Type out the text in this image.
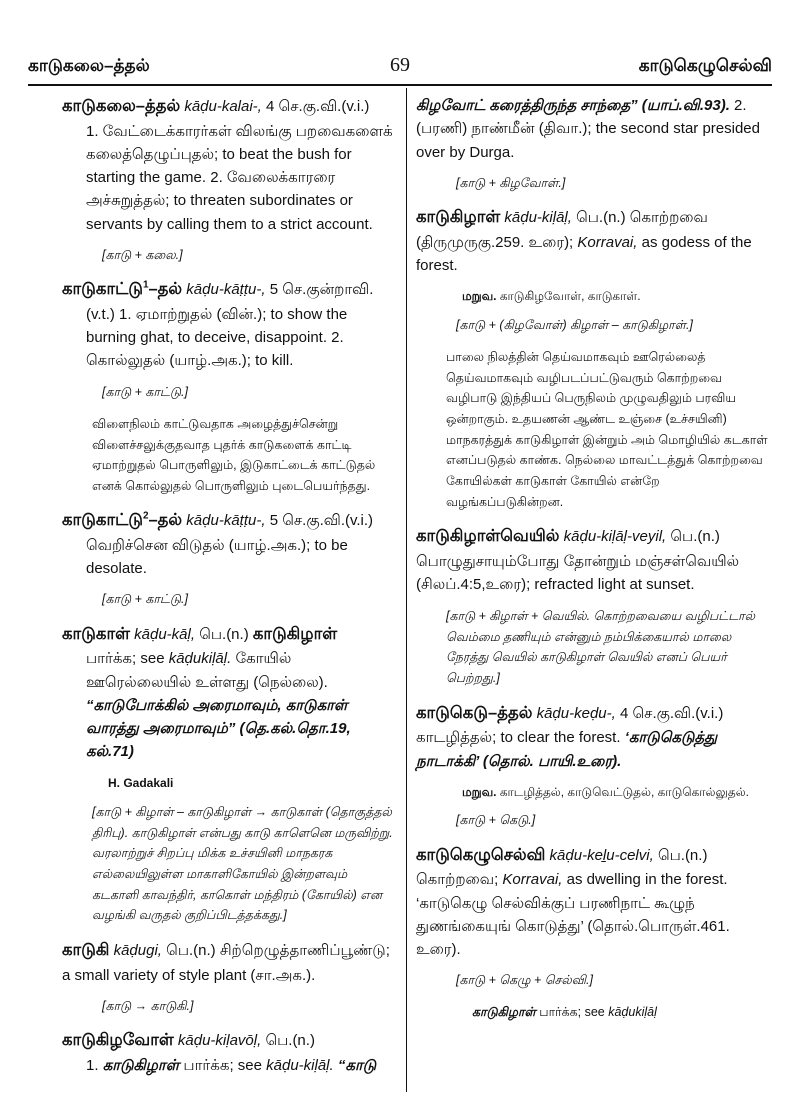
காடுகலை–த்தல்	69	காடுகெழுசெல்வி
காடுகலை–த்தல் kāḍu-kalai-, 4 செ.கு.வி.(v.i.)
1. வேட்டைக்காரர்கள் விலங்கு பறவைகளைக் கலைத்தெழுப்புதல்; to beat the bush for starting the game. 2. வேலைக்காரரை அச்சுறுத்தல்; to threaten subordinates or servants by calling them to a strict account.
[காடு + கலை.]
காடுகாட்டு$^1$–தல் kāḍu-kāṭṭu-, 5 செ.குன்றாவி.
(v.t.) 1. ஏமாற்றுதல் (வின்.); to show the burning ghat, to deceive, disappoint. 2. கொல்லுதல் (யாழ்.அக.); to kill.
[காடு + காட்டு.]
விளைநிலம் காட்டுவதாக அழைத்துச்சென்று விளைச்சலுக்குதவாத புதர்க் காடுகளைக் காட்டி ஏமாற்றுதல் பொருளிலும், இடுகாட்டைக் காட்டுதல் எனக் கொல்லுதல் பொருளிலும் புடைபெயர்ந்தது.
காடுகாட்டு$^2$–தல் kāḍu-kāṭṭu-, 5 செ.கு.வி.(v.i.)
வெறிச்சென விடுதல் (யாழ்.அக.); to be desolate.
[காடு + காட்டு.]
காடுகாள் kāḍu-kāḷ, பெ.(n.) காடுகிழாள்
பார்க்க; see kāḍukiḷāḷ. கோயில் ஊரெல்லையில் உள்ளது (நெல்லை). “காடுபோக்கில் அரைமாவும், காடுகாள் வாரத்து அரைமாவும்” (தெ.கல்.தொ.19, கல்.71)
H. Gadakali
[காடு + கிழாள் – காடுகிழாள் → காடுகாள் (தொகுத்தல் திரிபு). காடுகிழாள் என்பது காடு காளெனெ மருவிற்று. வரலாற்றுச் சிறப்பு மிக்க உச்சயினி மாநகரக எல்லையிலுள்ள மாகாளிகோயில் இன்றளவும் கடகாளி காவந்திர், காகொள் மந்திரம் (கோயில்) என வழங்கி வருதல் குறிப்பிடத்தக்கது.]
காடுகி kāḍugi, பெ.(n.) சிற்றெழுத்தாணிப்பூண்டு; a small variety of style plant (சா.அக.).
[காடு → காடுகி.]
காடுகிழவோள் kāḍu-kiḷavōḷ, பெ.(n.)
1. காடுகிழாள் பார்க்க; see kāḍu-kiḷāḷ. “காடு
கிழவோட் கரைத்திருந்த சாந்தை” (யாப்.வி.93). 2. (பரணி) நாண்மீன் (திவா.); the second star presided over by Durga.
[காடு + கிழவோள்.]
காடுகிழாள் kāḍu-kiḷāḷ, பெ.(n.) கொற்றவை (திருமுருகு.259. உரை); Korravai, as godess of the forest.
மறுவ. காடுகிழவோள், காடுகாள்.
[காடு + (கிழவோள்) கிழாள் – காடுகிழாள்.]
பாலை நிலத்தின் தெய்வமாகவும் ஊரெல்லைத் தெய்வமாகவும் வழிபடப்பட்டுவரும் கொற்றவை வழிபாடு இந்தியப் பெருநிலம் முழுவதிலும் பரவிய ஒன்றாகும். உதயணன் ஆண்ட உஞ்சை (உச்சயினி) மாநகரத்துக் காடுகிழாள் இன்றும் அம் மொழியில் கடகாள் எனப்படுதல் காண்க. நெல்லை மாவட்டத்துக் கொற்றவை கோயில்கள் காடுகாள் கோயில் என்றே வழங்கப்படுகின்றன.
காடுகிழாள்வெயில் kāḍu-kiḷāḷ-veyil, பெ.(n.) பொழுதுசாயும்போது தோன்றும் மஞ்சள்வெயில் (சிலப்.4:5,உரை); refracted light at sunset.
[காடு + கிழாள் + வெயில். கொற்றவையை வழிபட்டால் வெம்மை தணியும் என்னும் நம்பிக்கையால் மாலை நேரத்து வெயில் காடுகிழாள் வெயில் எனப் பெயர் பெற்றது.]
காடுகெடு–த்தல் kāḍu-keḍu-, 4 செ.கு.வி.(v.i.) காடழித்தல்; to clear the forest. ‘காடுகெடுத்து நாடாக்கி’ (தொல். பாயி.உரை).
மறுவ. காடழித்தல், காடுவெட்டுதல், காடுகொல்லுதல்.
[காடு + கெடு.]
காடுகெழுசெல்வி kāḍu-keḻu-celvi, பெ.(n.) கொற்றவை; Korravai, as dwelling in the forest. ‘காடுகெழு செல்விக்குப் பரணிநாட் கூழுந் துணங்கையுங் கொடுத்து’ (தொல்.பொருள்.461. உரை).
[காடு + கெழு + செல்வி.]
காடுகிழாள் பார்க்க; see kāḍukiḷāḷ
